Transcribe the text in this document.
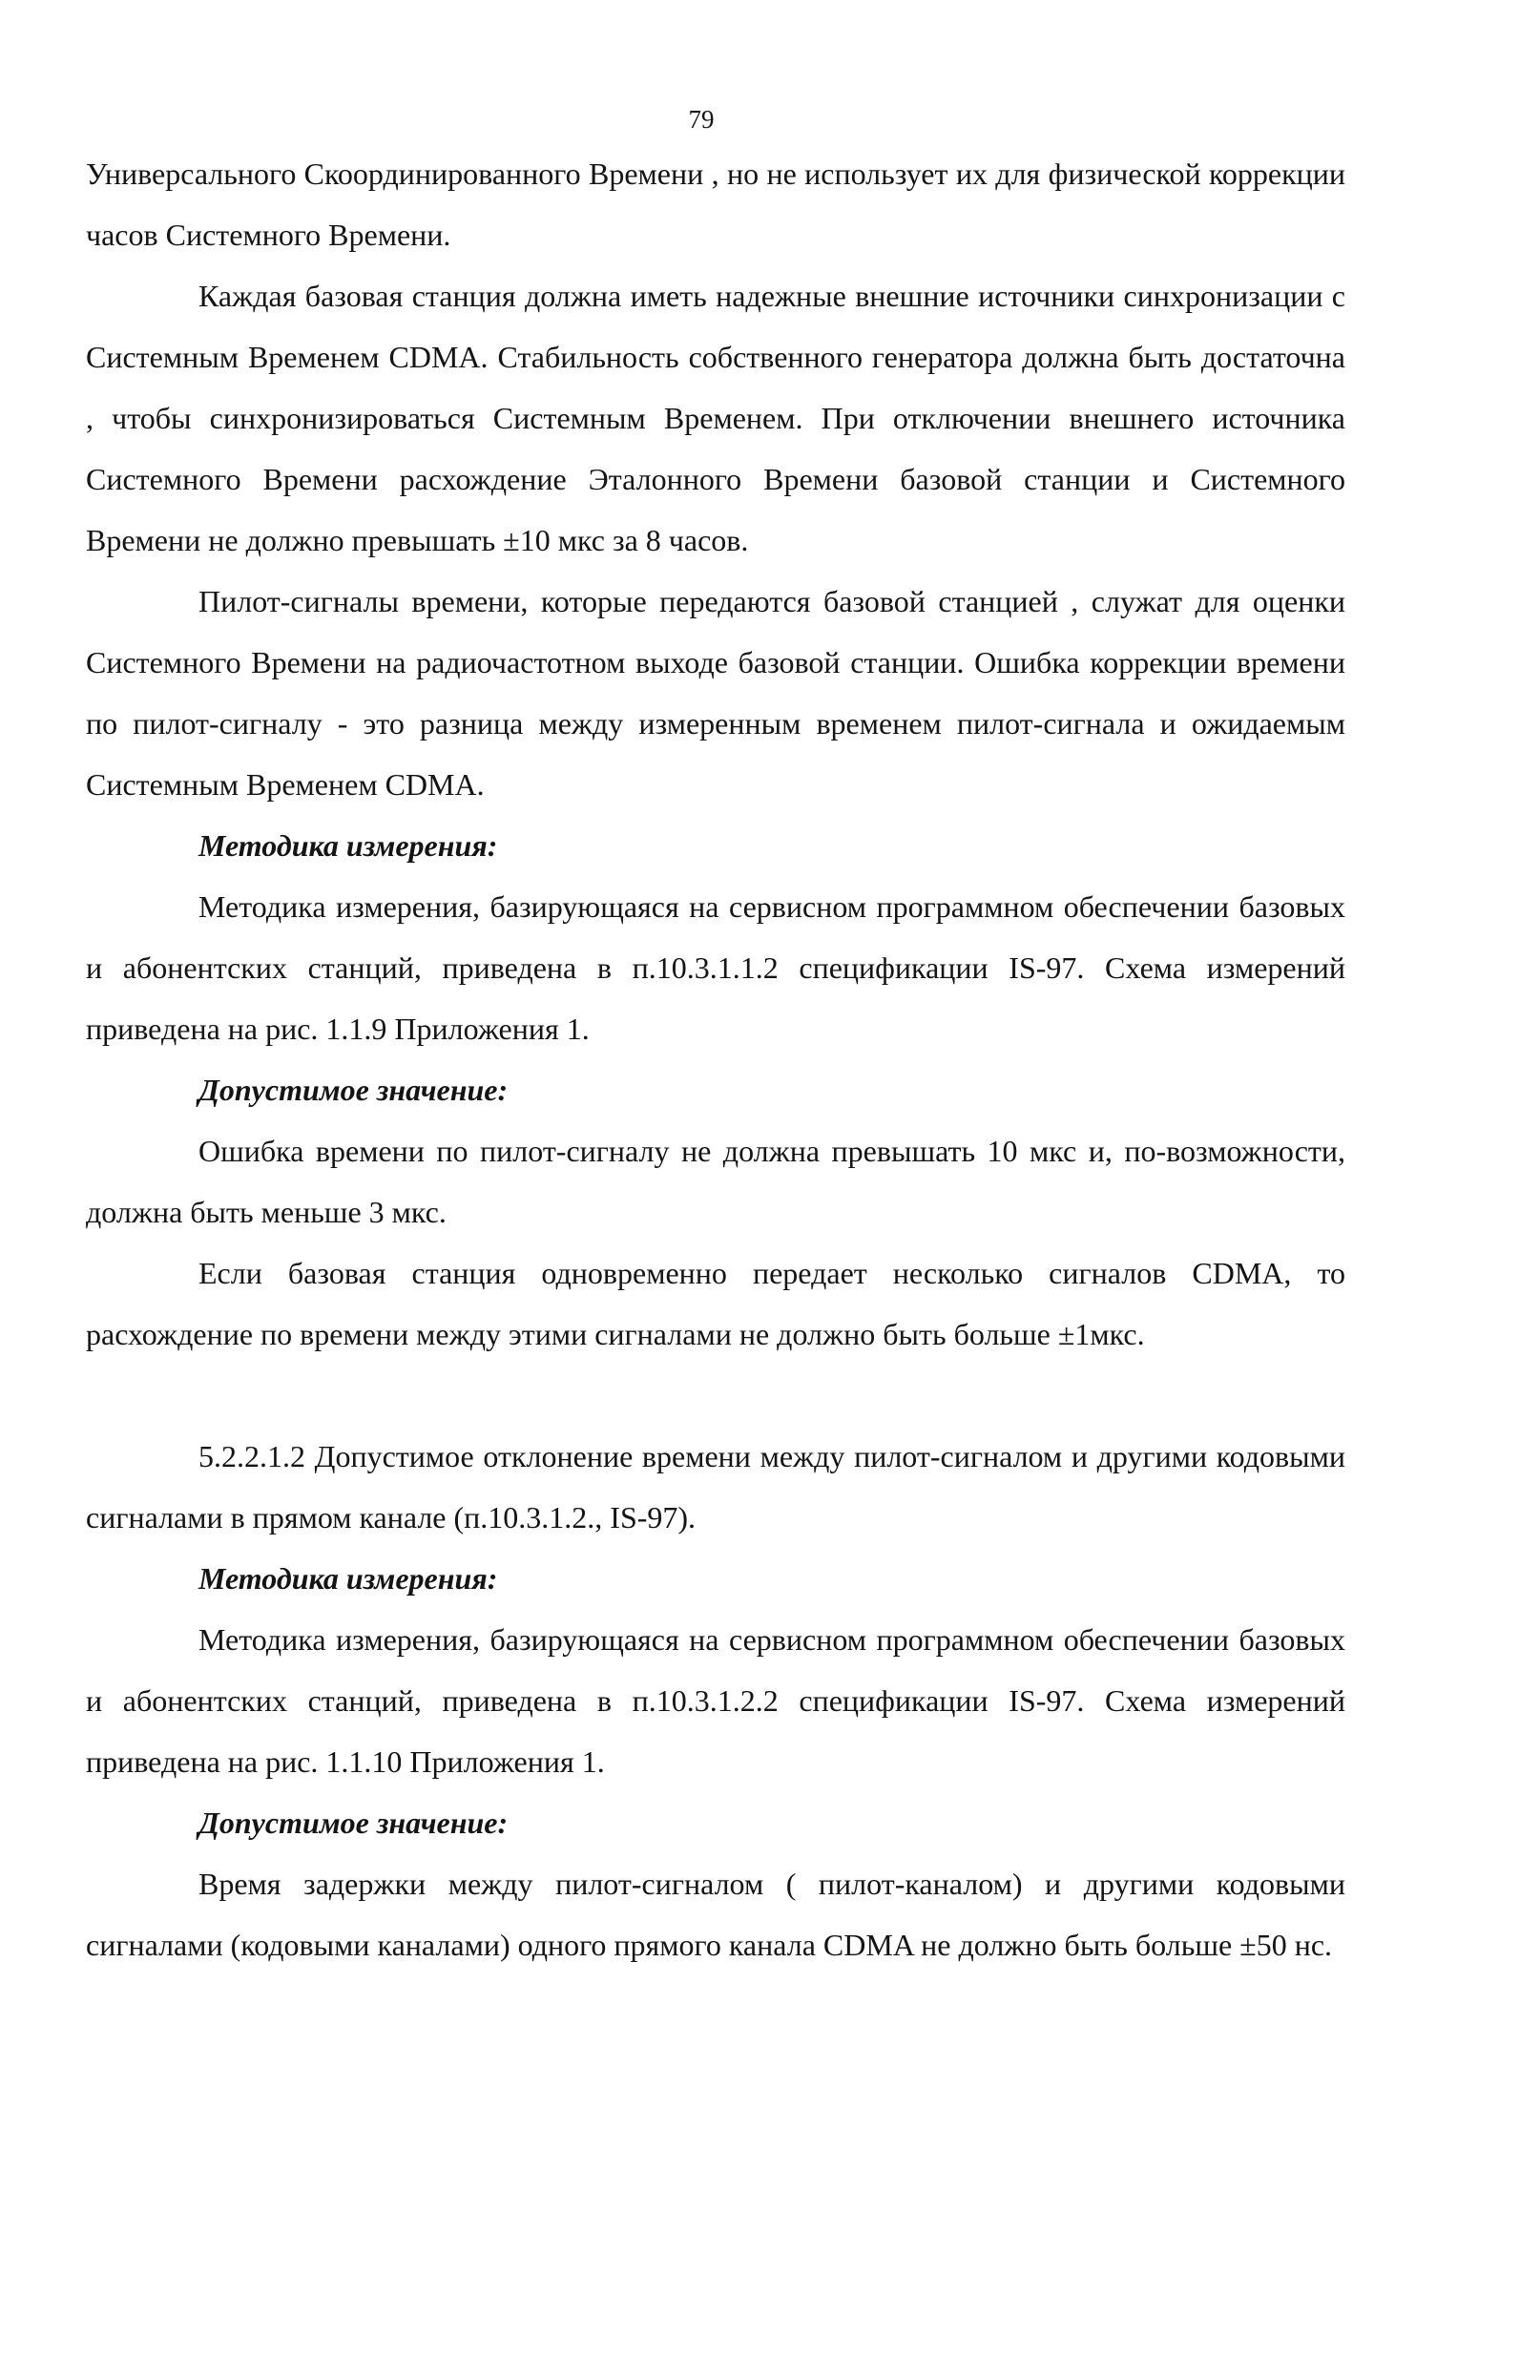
79

Универсального Скоординированного Времени , но не использует их для физической коррекции часов Системного Времени.

Каждая базовая станция должна иметь надежные внешние источники синхронизации с Системным Временем CDMA. Стабильность собственного генератора должна быть достаточна , чтобы синхронизироваться Системным Временем. При отключении внешнего источника Системного Времени расхождение Эталонного Времени базовой станции и Системного Времени не должно превышать ±10 мкс за 8 часов.

Пилот-сигналы времени, которые передаются базовой станцией , служат для оценки Системного Времени на радиочастотном выходе базовой станции. Ошибка коррекции времени по пилот-сигналу - это разница между измеренным временем пилот-сигнала и ожидаемым Системным Временем CDMA.

Методика измерения:

Методика измерения, базирующаяся на сервисном программном обеспечении базовых и абонентских станций, приведена в п.10.3.1.1.2 спецификации IS-97. Схема измерений приведена на рис. 1.1.9 Приложения 1.

Допустимое значение:

Ошибка времени по пилот-сигналу не должна превышать 10 мкс и, по-возможности, должна быть меньше 3 мкс.

Если базовая станция одновременно передает несколько сигналов CDMA, то расхождение по времени между этими сигналами не должно быть больше ±1мкс.

5.2.2.1.2 Допустимое отклонение времени между пилот-сигналом и другими кодовыми сигналами в прямом канале (п.10.3.1.2., IS-97).

Методика измерения:

Методика измерения, базирующаяся на сервисном программном обеспечении базовых и абонентских станций, приведена в п.10.3.1.2.2 спецификации IS-97. Схема измерений приведена на рис. 1.1.10 Приложения 1.

Допустимое значение:

Время задержки между пилот-сигналом ( пилот-каналом) и другими кодовыми сигналами (кодовыми каналами) одного прямого канала CDMA не должно быть больше ±50 нс.
